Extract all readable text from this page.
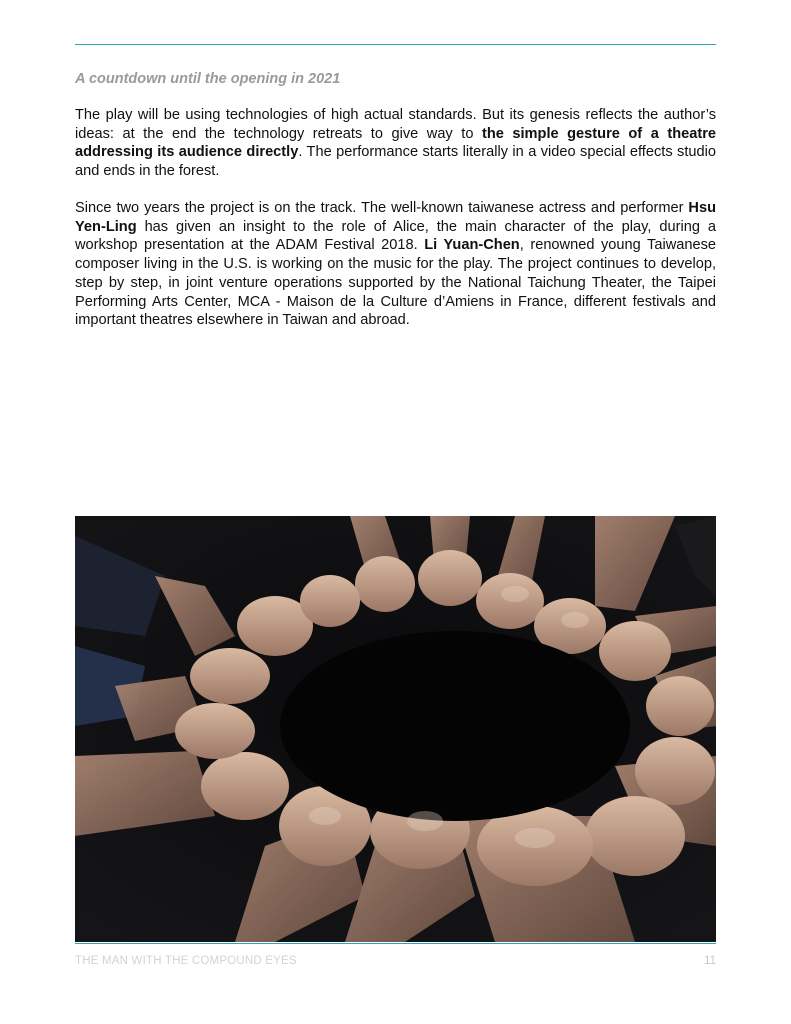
A countdown until the opening in 2021

The play will be using technologies of high actual standards. But its genesis reflects the author’s ideas: at the end the technology retreats to give way to the simple gesture of a theatre addressing its audience directly. The performance starts literally in a video special effects studio and ends in the forest.

Since two years the project is on the track. The well-known taiwanese actress and performer Hsu Yen-Ling has given an insight to the role of Alice, the main character of the play, during a workshop presentation at the ADAM Festival 2018. Li Yuan-Chen, renowned young Taiwanese composer living in the U.S. is working on the music for the play. The project continues to develop, step by step, in joint venture operations supported by the National Taichung Theater, the Taipei Performing Arts Center, MCA - Maison de la Culture d’Amiens in France, different festivals and important theatres elsewhere in Taiwan and abroad.

THE MAN WITH THE COMPOUND EYES	11
